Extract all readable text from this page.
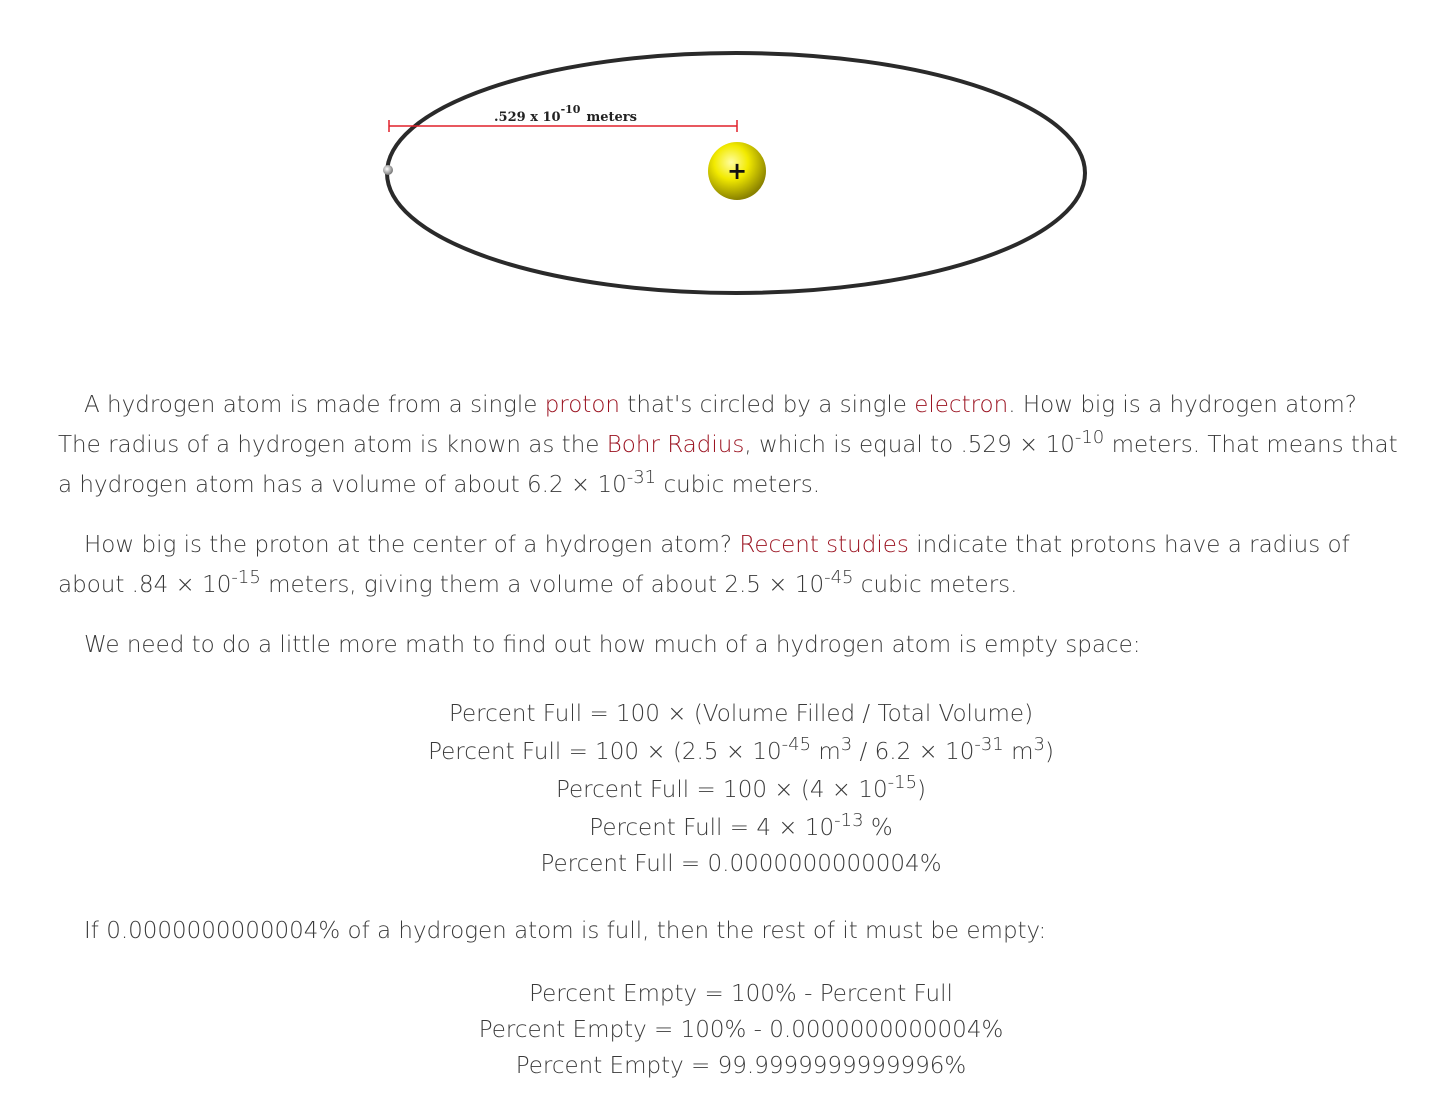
.529 x $10^{-10}meters$
+

A hydrogen atom is made from a single proton that's circled by a single electron. How big is a hydrogen atom? The radius of a hydrogen atom is known as the Bohr Radius, which is equal to $.529 \times 10^{-10}$ meters. That means that a hydrogen atom has a volume of about $6.2 \times 10^{-31}$ cubic meters.

How big is the proton at the center of a hydrogen atom? Recent studies indicate that protons have a radius of about $.84 \times 10^{-15}$ meters, giving them a volume of about $2.5 \times 10^{-45}$ cubic meters.

We need to do a little more math to find out how much of a hydrogen atom is empty space:

Percent Full = 100 × (Volume Filled / Total Volume)

Percent Full = $100 \times (2.5 \times 10^{-45}$ $m^3 / 6.2 \times 10^{-31}$ $m^3$)

Percent Full = $100 \times (4 \times 10^{-15})$

Percent Full = $4 \times 10^{-13}$ %

Percent Full = 0.0000000000004%

If 0.0000000000004% of a hydrogen atom is full, then the rest of it must be empty:

Percent Empty = 100% - Percent Full

Percent Empty = 100% - 0.0000000000004%

Percent Empty = 99.9999999999996%
